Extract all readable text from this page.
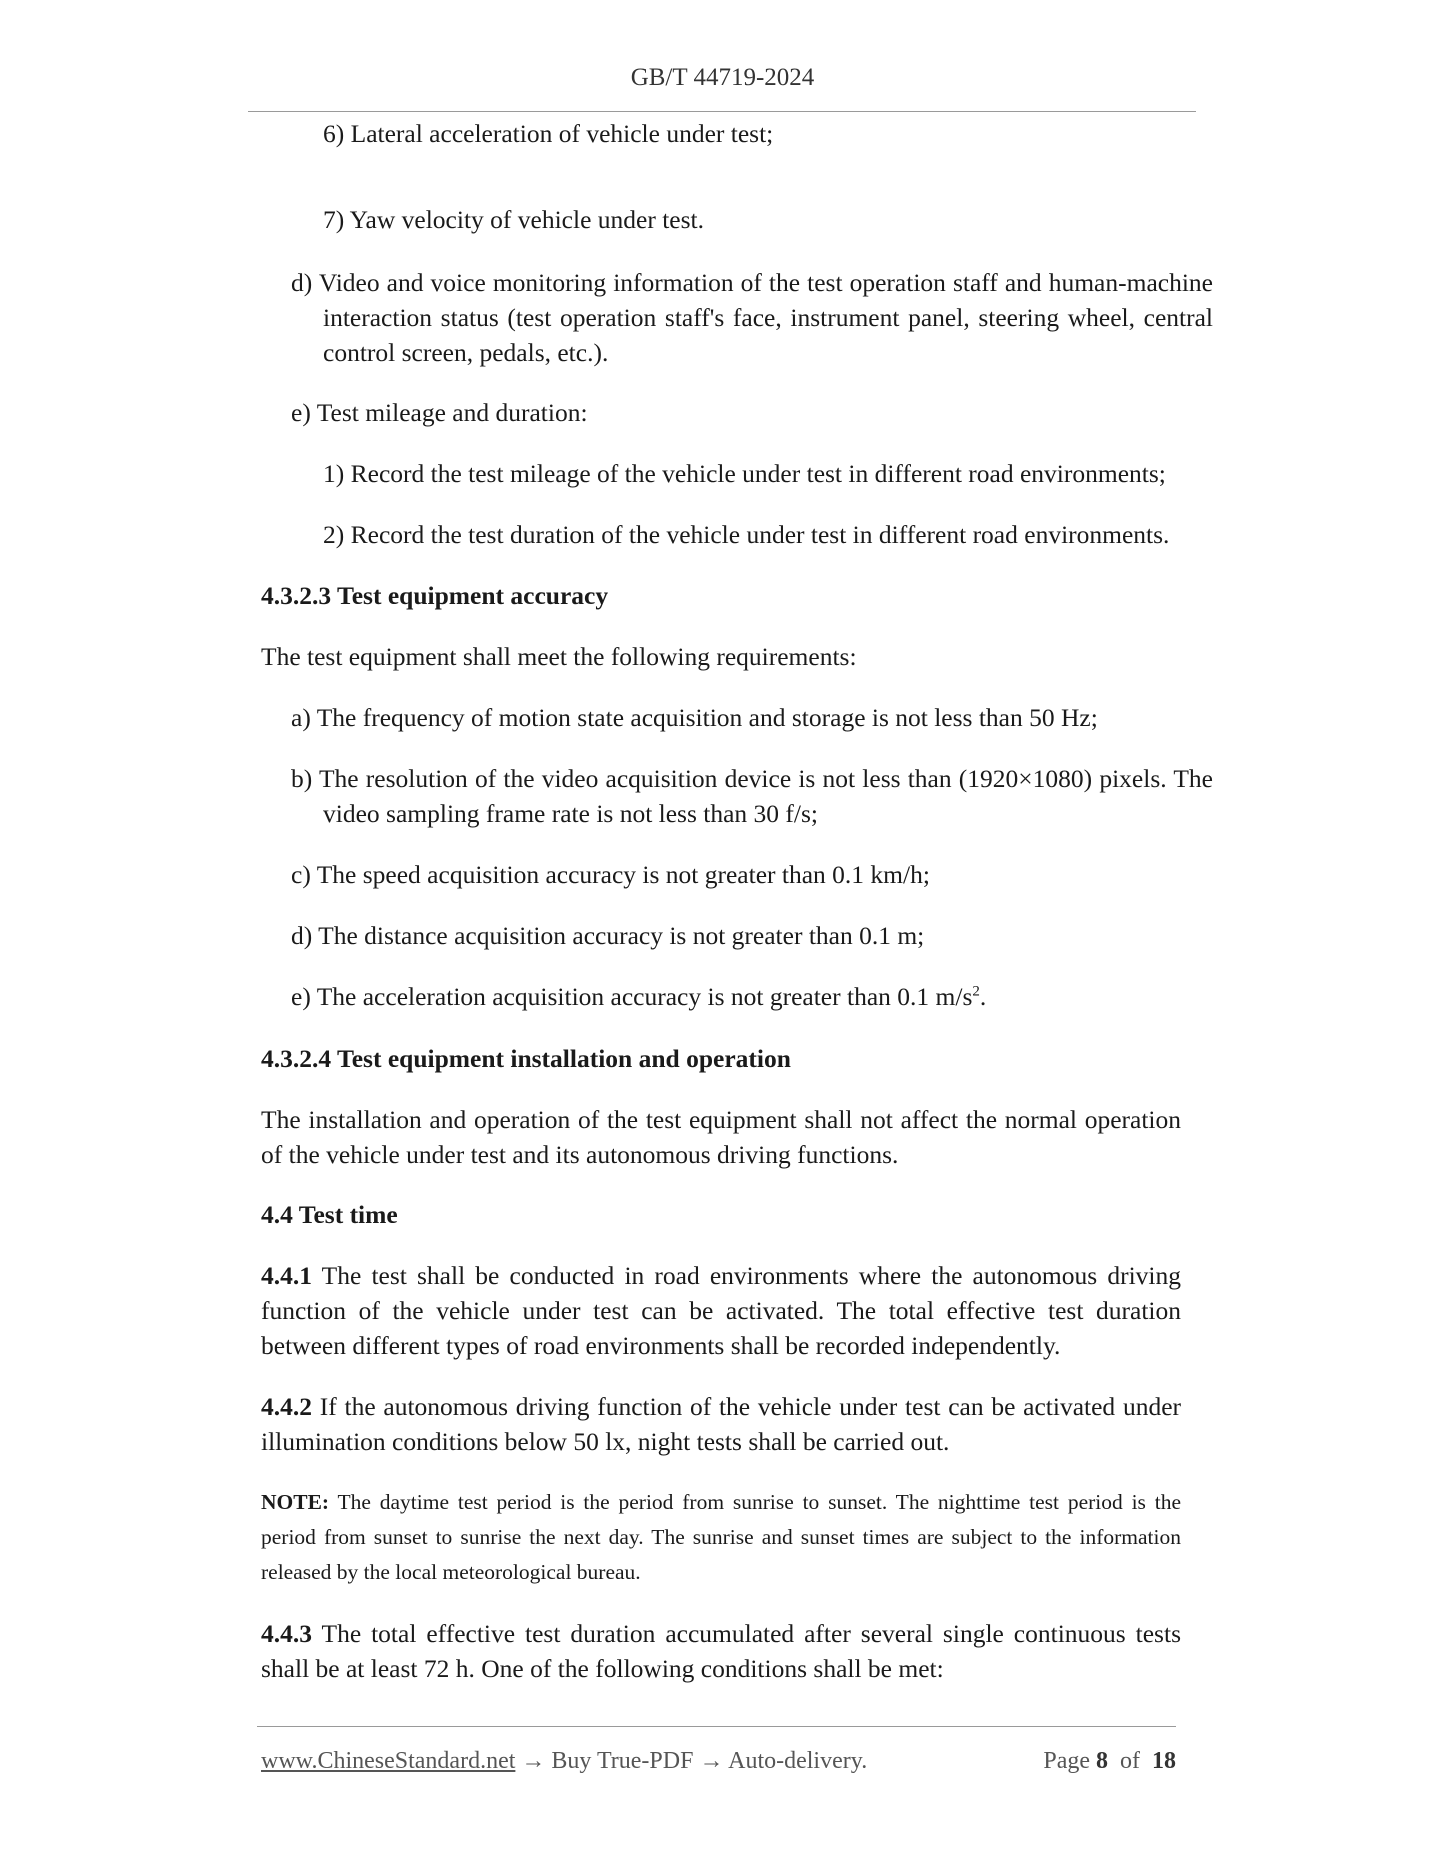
GB/T 44719-2024

6) Lateral acceleration of vehicle under test;

7) Yaw velocity of vehicle under test.

d) Video and voice monitoring information of the test operation staff and human-machine interaction status (test operation staff's face, instrument panel, steering wheel, central control screen, pedals, etc.).

e) Test mileage and duration:

1) Record the test mileage of the vehicle under test in different road environments;

2) Record the test duration of the vehicle under test in different road environments.

4.3.2.3 Test equipment accuracy

The test equipment shall meet the following requirements:

a) The frequency of motion state acquisition and storage is not less than 50 Hz;

b) The resolution of the video acquisition device is not less than (1920×1080) pixels. The video sampling frame rate is not less than 30 f/s;

c) The speed acquisition accuracy is not greater than 0.1 km/h;

d) The distance acquisition accuracy is not greater than 0.1 m;

e) The acceleration acquisition accuracy is not greater than 0.1 $m/s^2$.

4.3.2.4 Test equipment installation and operation

The installation and operation of the test equipment shall not affect the normal operation of the vehicle under test and its autonomous driving functions.

4.4 Test time

4.4.1 The test shall be conducted in road environments where the autonomous driving function of the vehicle under test can be activated. The total effective test duration between different types of road environments shall be recorded independently.

4.4.2 If the autonomous driving function of the vehicle under test can be activated under illumination conditions below 50 lx, night tests shall be carried out.

NOTE: The daytime test period is the period from sunrise to sunset. The nighttime test period is the period from sunset to sunrise the next day. The sunrise and sunset times are subject to the information released by the local meteorological bureau.

4.4.3 The total effective test duration accumulated after several single continuous tests shall be at least 72 h. One of the following conditions shall be met:

www.ChineseStandard.net → Buy True-PDF → Auto-delivery.	Page 8 of 18
